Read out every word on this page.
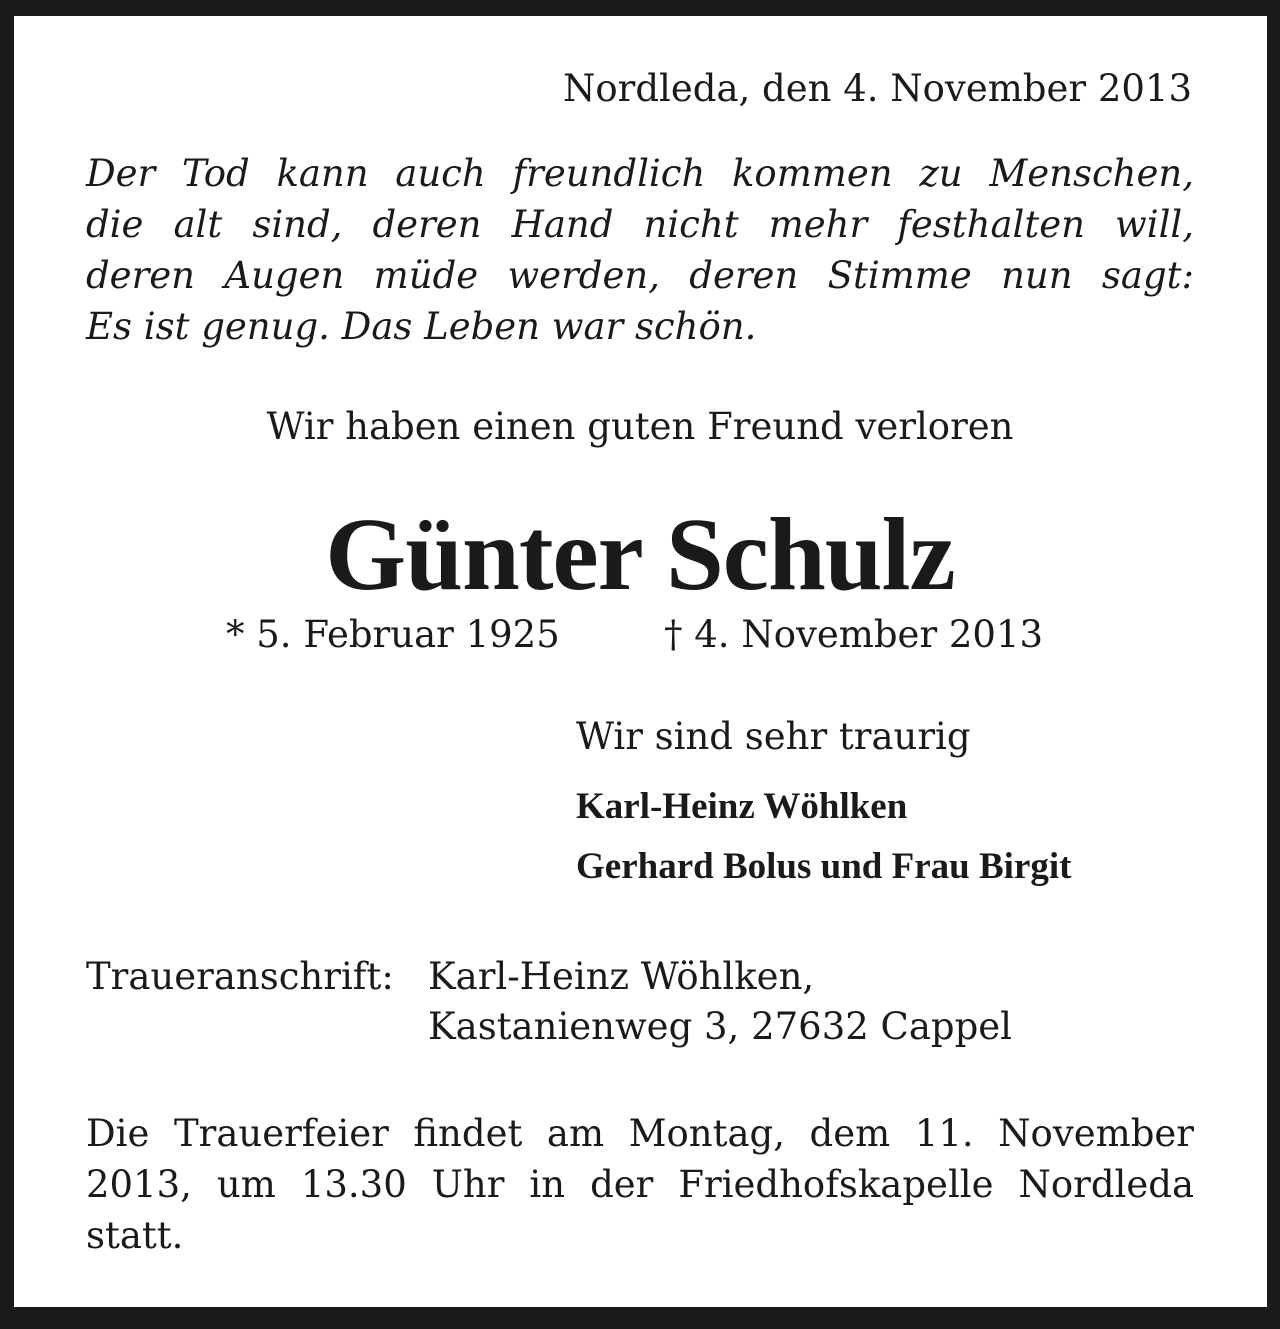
Nordleda, den 4. November 2013
Der Tod kann auch freundlich kommen zu Menschen,
die alt sind, deren Hand nicht mehr festhalten will,
deren Augen müde werden, deren Stimme nun sagt:
Es ist genug. Das Leben war schön.
Wir haben einen guten Freund verloren
Günter Schulz
* 5. Februar 1925	† 4. November 2013
Wir sind sehr traurig
Karl-Heinz Wöhlken
Gerhard Bolus und Frau Birgit
Traueranschrift: Karl-Heinz Wöhlken,
Kastanienweg 3, 27632 Cappel
Die Trauerfeier findet am Montag, dem 11. November
2013, um 13.30 Uhr in der Friedhofskapelle Nordleda
statt.
